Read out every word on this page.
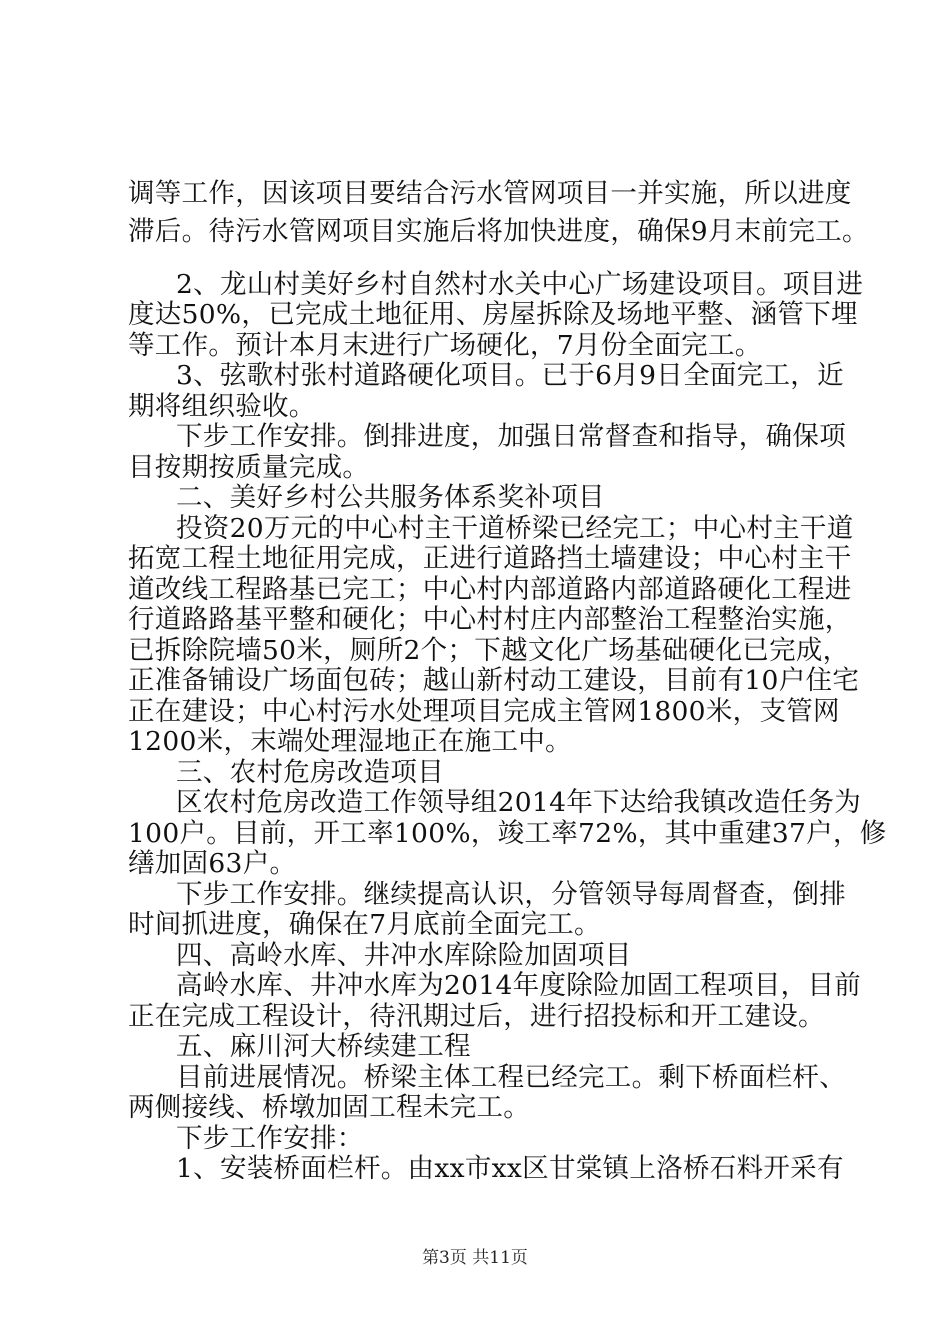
调等工作，因该项目要结合污水管网项目一并实施，所以进度
滞后。待污水管网项目实施后将加快进度，确保9月末前完工。
2、龙山村美好乡村自然村水关中心广场建设项目。项目进
度达50%，已完成土地征用、房屋拆除及场地平整、涵管下埋
等工作。预计本月末进行广场硬化，7月份全面完工。
3、弦歌村张村道路硬化项目。已于6月9日全面完工，近
期将组织验收。
下步工作安排。倒排进度，加强日常督查和指导，确保项
目按期按质量完成。
二、美好乡村公共服务体系奖补项目
投资20万元的中心村主干道桥梁已经完工；中心村主干道
拓宽工程土地征用完成，正进行道路挡土墙建设；中心村主干
道改线工程路基已完工；中心村内部道路内部道路硬化工程进
行道路路基平整和硬化；中心村村庄内部整治工程整治实施，
已拆除院墙50米，厕所2个；下越文化广场基础硬化已完成，
正准备铺设广场面包砖；越山新村动工建设，目前有10户住宅
正在建设；中心村污水处理项目完成主管网1800米，支管网
1200米，末端处理湿地正在施工中。
三、农村危房改造项目
区农村危房改造工作领导组2014年下达给我镇改造任务为
100户。目前，开工率100%，竣工率72%，其中重建37户，修
缮加固63户。
下步工作安排。继续提高认识，分管领导每周督查，倒排
时间抓进度，确保在7月底前全面完工。
四、高岭水库、井冲水库除险加固项目
高岭水库、井冲水库为2014年度除险加固工程项目，目前
正在完成工程设计，待汛期过后，进行招投标和开工建设。
五、麻川河大桥续建工程
目前进展情况。桥梁主体工程已经完工。剩下桥面栏杆、
两侧接线、桥墩加固工程未完工。
下步工作安排：
1、安装桥面栏杆。由xx市xx区甘棠镇上洛桥石料开采有
第3页 共11页
